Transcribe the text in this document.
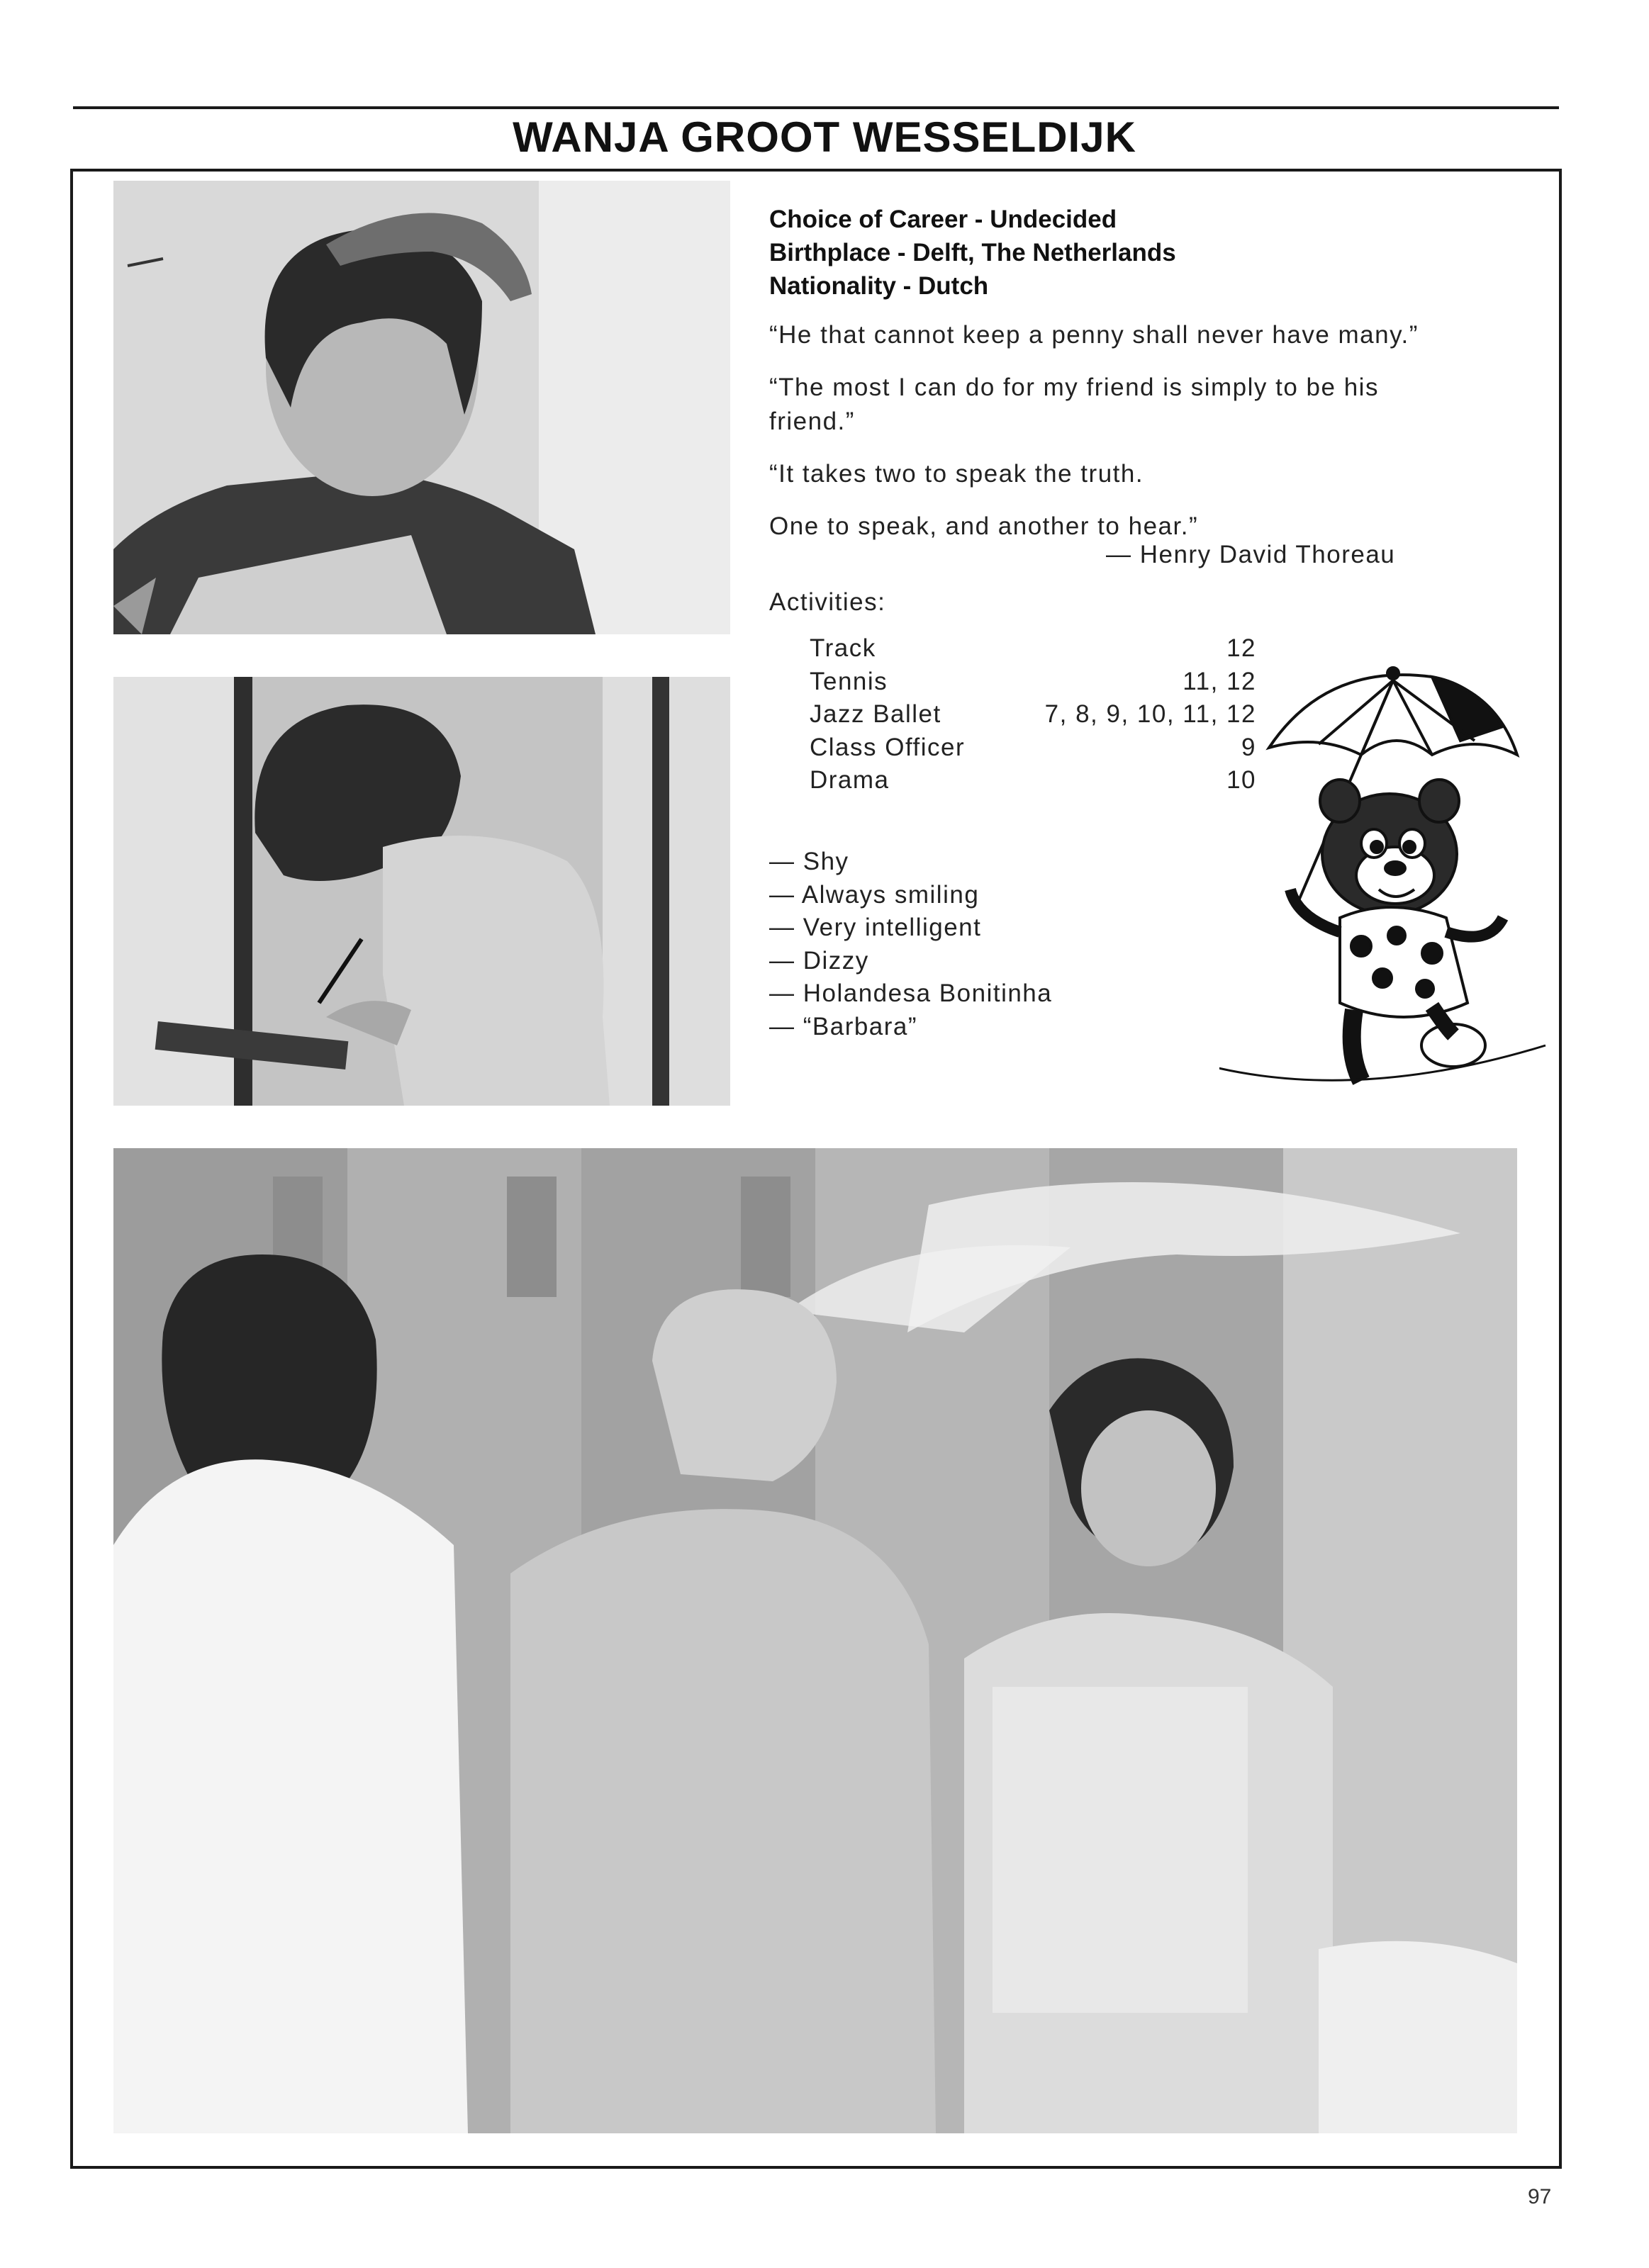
WANJA GROOT WESSELDIJK
Choice of Career - Undecided
Birthplace - Delft, The Netherlands
Nationality - Dutch

“He that cannot keep a penny shall never have many.”

“The most I can do for my friend is simply to be his friend.”

“It takes two to speak the truth.

One to speak, and another to hear.”

— Henry David Thoreau
Activities:
Track	12
Tennis	11, 12
Jazz Ballet	7, 8, 9, 10, 11, 12
Class Officer	9
Drama	10
— Shy
— Always smiling
— Very intelligent
— Dizzy
— Holandesa Bonitinha
— “Barbara”
97
